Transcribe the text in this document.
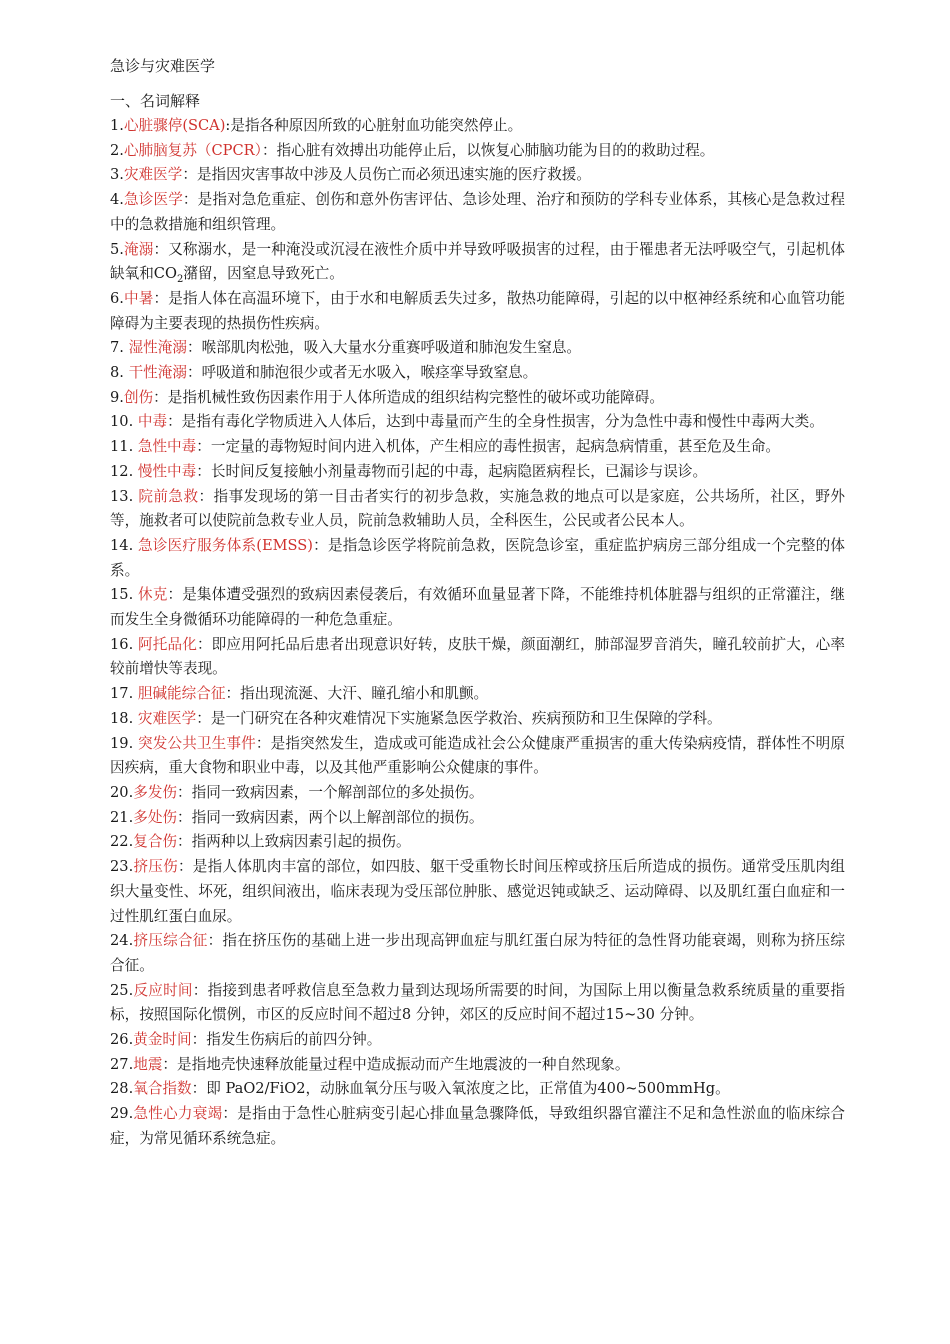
急诊与灾难医学
一、名词解释
1.心脏骤停(SCA):是指各种原因所致的心脏射血功能突然停止。
2.心肺脑复苏（CPCR）：指心脏有效搏出功能停止后，以恢复心肺脑功能为目的的救助过程。
3.灾难医学：是指因灾害事故中涉及人员伤亡而必须迅速实施的医疗救援。
4.急诊医学：是指对急危重症、创伤和意外伤害评估、急诊处理、治疗和预防的学科专业体系，其核心是急救过程中的急救措施和组织管理。
5.淹溺：又称溺水，是一种淹没或沉浸在液性介质中并导致呼吸损害的过程，由于罹患者无法呼吸空气，引起机体缺氧和$CO_2$潴留，因窒息导致死亡。
6.中暑：是指人体在高温环境下，由于水和电解质丢失过多，散热功能障碍，引起的以中枢神经系统和心血管功能障碍为主要表现的热损伤性疾病。
7. 湿性淹溺：喉部肌肉松弛，吸入大量水分重赛呼吸道和肺泡发生窒息。
8. 干性淹溺：呼吸道和肺泡很少或者无水吸入，喉痉挛导致窒息。
9.创伤：是指机械性致伤因素作用于人体所造成的组织结构完整性的破坏或功能障碍。
10. 中毒：是指有毒化学物质进入人体后，达到中毒量而产生的全身性损害，分为急性中毒和慢性中毒两大类。
11. 急性中毒：一定量的毒物短时间内进入机体，产生相应的毒性损害，起病急病情重，甚至危及生命。
12. 慢性中毒：长时间反复接触小剂量毒物而引起的中毒，起病隐匿病程长，已漏诊与误诊。
13. 院前急救：指事发现场的第一目击者实行的初步急救，实施急救的地点可以是家庭，公共场所，社区，野外等，施救者可以使院前急救专业人员，院前急救辅助人员，全科医生，公民或者公民本人。
14. 急诊医疗服务体系(EMSS)：是指急诊医学将院前急救，医院急诊室，重症监护病房三部分组成一个完整的体系。
15. 休克：是集体遭受强烈的致病因素侵袭后，有效循环血量显著下降，不能维持机体脏器与组织的正常灌注，继而发生全身微循环功能障碍的一种危急重症。
16. 阿托品化：即应用阿托品后患者出现意识好转，皮肤干燥，颜面潮红，肺部湿罗音消失，瞳孔较前扩大，心率较前增快等表现。
17. 胆碱能综合征：指出现流涎、大汗、瞳孔缩小和肌颤。
18. 灾难医学：是一门研究在各种灾难情况下实施紧急医学救治、疾病预防和卫生保障的学科。
19. 突发公共卫生事件：是指突然发生，造成或可能造成社会公众健康严重损害的重大传染病疫情，群体性不明原因疾病，重大食物和职业中毒，以及其他严重影响公众健康的事件。
20.多发伤：指同一致病因素，一个解剖部位的多处损伤。
21.多处伤：指同一致病因素，两个以上解剖部位的损伤。
22.复合伤：指两种以上致病因素引起的损伤。
23.挤压伤：是指人体肌肉丰富的部位，如四肢、躯干受重物长时间压榨或挤压后所造成的损伤。通常受压肌肉组织大量变性、坏死，组织间液出，临床表现为受压部位肿胀、感觉迟钝或缺乏、运动障碍、以及肌红蛋白血症和一过性肌红蛋白血尿。
24.挤压综合征：指在挤压伤的基础上进一步出现高钾血症与肌红蛋白尿为特征的急性肾功能衰竭，则称为挤压综合征。
25.反应时间：指接到患者呼救信息至急救力量到达现场所需要的时间，为国际上用以衡量急救系统质量的重要指标，按照国际化惯例，市区的反应时间不超过8 分钟，郊区的反应时间不超过15~30 分钟。
26.黄金时间：指发生伤病后的前四分钟。
27.地震：是指地壳快速释放能量过程中造成振动而产生地震波的一种自然现象。
28.氧合指数：即 PaO2/FiO2，动脉血氧分压与吸入氧浓度之比，正常值为400~500mmHg。
29.急性心力衰竭：是指由于急性心脏病变引起心排血量急骤降低，导致组织器官灌注不足和急性淤血的临床综合症，为常见循环系统急症。
